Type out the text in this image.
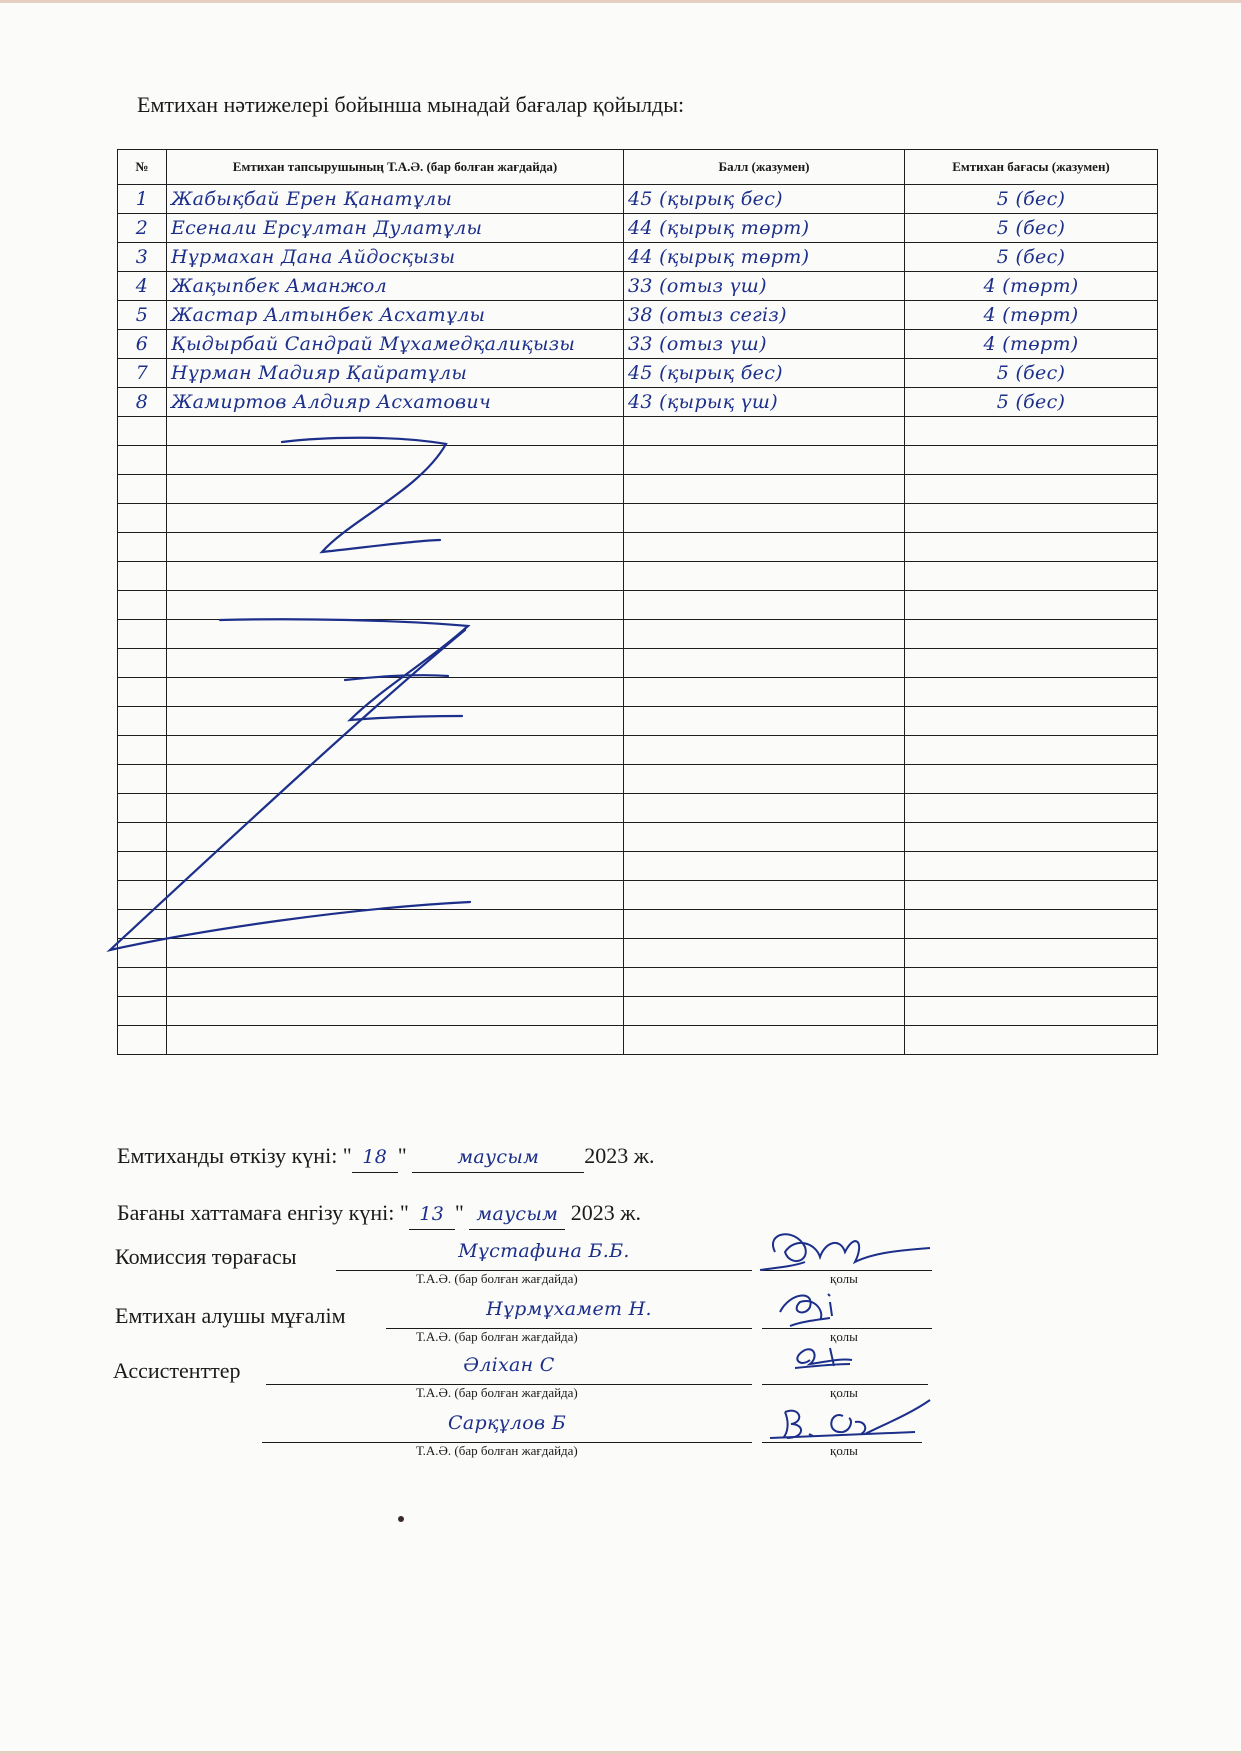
Емтихан нәтижелері бойынша мынадай бағалар қойылды:
№	Емтихан тапсырушының Т.А.Ә. (бар болған жағдайда)	Балл (жазумен)	Емтихан бағасы (жазумен)
1	Жабықбай Ерен Қанатұлы	45 (қырық бес)	5 (бес)
2	Есенали Ерсұлтан Дулатұлы	44 (қырық төрт)	5 (бес)
3	Нұрмахан Дана Айдосқызы	44 (қырық төрт)	5 (бес)
4	Жақыпбек Аманжол	33 (отыз үш)	4 (төрт)
5	Жастар Алтынбек Асхатұлы	38 (отыз сегіз)	4 (төрт)
6	Қыдырбай Сандрай Мұхамедқалиқызы	33 (отыз үш)	4 (төрт)
7	Нұрман Мадияр Қайратұлы	45 (қырық бес)	5 (бес)
8	Жамиртов Алдияр Асхатович	43 (қырық үш)	5 (бес)

Емтиханды өткізу күні: " 18 "	маусым 2023 ж.
Бағаны хаттамаға енгізу күні: " 13 " маусым 2023 ж.
Комиссия төрағасы	Мұстафина Б.Б.
Т.А.Ә. (бар болған жағдайда)	қолы
Емтихан алушы мұғалім	Нұрмұхамет Н.
Т.А.Ә. (бар болған жағдайда)	қолы
Ассистенттер	Әліхан С
Т.А.Ә. (бар болған жағдайда)	қолы
Сарқұлов Б
Т.А.Ә. (бар болған жағдайда)	қолы
